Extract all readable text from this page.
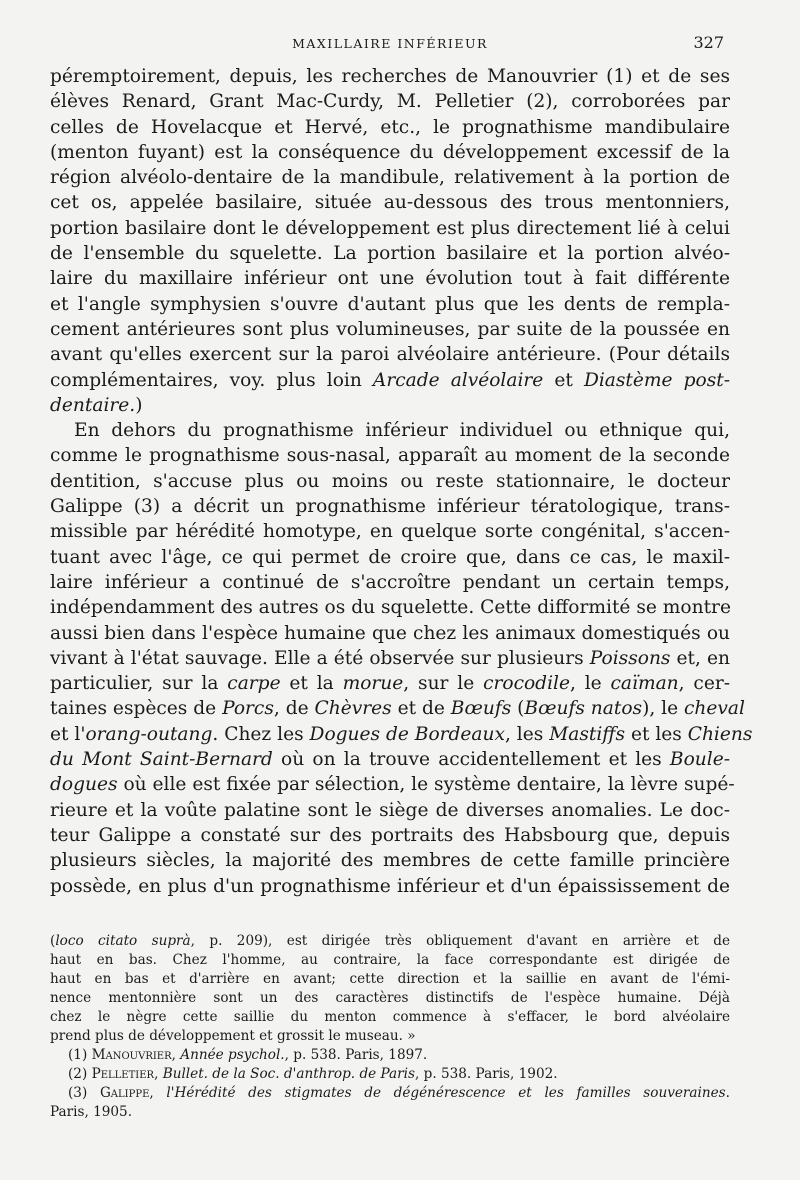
MAXILLAIRE INFÉRIEUR	327
péremptoirement, depuis, les recherches de Manouvrier (1) et de ses
élèves Renard, Grant Mac-Curdy, M. Pelletier (2), corroborées par
celles de Hovelacque et Hervé, etc., le prognathisme mandibulaire
(menton fuyant) est la conséquence du développement excessif de la
région alvéolo-dentaire de la mandibule, relativement à la portion de
cet os, appelée basilaire, située au-dessous des trous mentonniers,
portion basilaire dont le développement est plus directement lié à celui
de l'ensemble du squelette. La portion basilaire et la portion alvéo-
laire du maxillaire inférieur ont une évolution tout à fait différente
et l'angle symphysien s'ouvre d'autant plus que les dents de rempla-
cement antérieures sont plus volumineuses, par suite de la poussée en
avant qu'elles exercent sur la paroi alvéolaire antérieure. (Pour détails
complémentaires, voy. plus loin Arcade alvéolaire et Diastème post-
dentaire.)
En dehors du prognathisme inférieur individuel ou ethnique qui,
comme le prognathisme sous-nasal, apparaît au moment de la seconde
dentition, s'accuse plus ou moins ou reste stationnaire, le docteur
Galippe (3) a décrit un prognathisme inférieur tératologique, trans-
missible par hérédité homotype, en quelque sorte congénital, s'accen-
tuant avec l'âge, ce qui permet de croire que, dans ce cas, le maxil-
laire inférieur a continué de s'accroître pendant un certain temps,
indépendamment des autres os du squelette. Cette difformité se montre
aussi bien dans l'espèce humaine que chez les animaux domestiqués ou
vivant à l'état sauvage. Elle a été observée sur plusieurs Poissons et, en
particulier, sur la carpe et la morue, sur le crocodile, le caïman, cer-
taines espèces de Porcs, de Chèvres et de Bœufs (Bœufs natos), le cheval
et l'orang-outang. Chez les Dogues de Bordeaux, les Mastiffs et les Chiens
du Mont Saint-Bernard où on la trouve accidentellement et les Boule-
dogues où elle est fixée par sélection, le système dentaire, la lèvre supé-
rieure et la voûte palatine sont le siège de diverses anomalies. Le doc-
teur Galippe a constaté sur des portraits des Habsbourg que, depuis
plusieurs siècles, la majorité des membres de cette famille princière
possède, en plus d'un prognathisme inférieur et d'un épaississement de
(loco citato suprà, p. 209), est dirigée très obliquement d'avant en arrière et de
haut en bas. Chez l'homme, au contraire, la face correspondante est dirigée de
haut en bas et d'arrière en avant; cette direction et la saillie en avant de l'émi-
nence mentonnière sont un des caractères distinctifs de l'espèce humaine. Déjà
chez le nègre cette saillie du menton commence à s'effacer, le bord alvéolaire
prend plus de développement et grossit le museau. »
(1) Manouvrier, Année psychol., p. 538. Paris, 1897.
(2) Pelletier, Bullet. de la Soc. d'anthrop. de Paris, p. 538. Paris, 1902.
(3) Galippe, l'Hérédité des stigmates de dégénérescence et les familles souveraines.
Paris, 1905.
